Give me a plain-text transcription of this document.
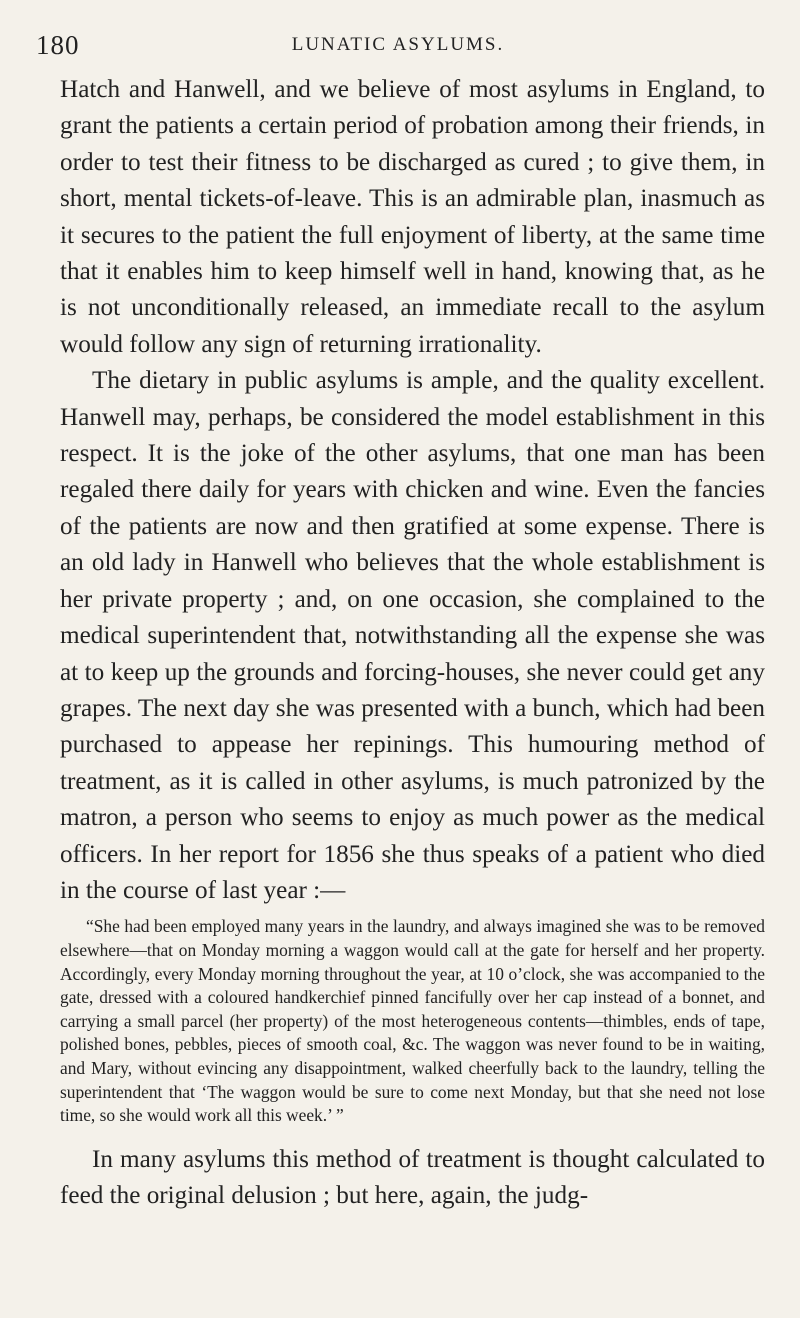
180	LUNATIC ASYLUMS.

Hatch and Hanwell, and we believe of most asylums in England, to grant the patients a certain period of probation among their friends, in order to test their fitness to be discharged as cured ; to give them, in short, mental tickets-of-leave. This is an admirable plan, inasmuch as it secures to the patient the full enjoyment of liberty, at the same time that it enables him to keep himself well in hand, knowing that, as he is not unconditionally released, an immediate recall to the asylum would follow any sign of returning irrationality.

The dietary in public asylums is ample, and the quality excellent. Hanwell may, perhaps, be considered the model establishment in this respect. It is the joke of the other asylums, that one man has been regaled there daily for years with chicken and wine. Even the fancies of the patients are now and then gratified at some expense. There is an old lady in Hanwell who believes that the whole establishment is her private property ; and, on one occasion, she complained to the medical superintendent that, notwithstanding all the expense she was at to keep up the grounds and forcing-houses, she never could get any grapes. The next day she was presented with a bunch, which had been purchased to appease her repinings. This humouring method of treatment, as it is called in other asylums, is much patronized by the matron, a person who seems to enjoy as much power as the medical officers. In her report for 1856 she thus speaks of a patient who died in the course of last year :—

“She had been employed many years in the laundry, and always imagined she was to be removed elsewhere—that on Monday morning a waggon would call at the gate for herself and her property. Accordingly, every Monday morning throughout the year, at 10 o’clock, she was accompanied to the gate, dressed with a coloured handkerchief pinned fancifully over her cap instead of a bonnet, and carrying a small parcel (her property) of the most heterogeneous contents—thimbles, ends of tape, polished bones, pebbles, pieces of smooth coal, &c. The waggon was never found to be in waiting, and Mary, without evincing any disappointment, walked cheerfully back to the laundry, telling the superintendent that ‘The waggon would be sure to come next Monday, but that she need not lose time, so she would work all this week.’ ”

In many asylums this method of treatment is thought calculated to feed the original delusion ; but here, again, the judg-
